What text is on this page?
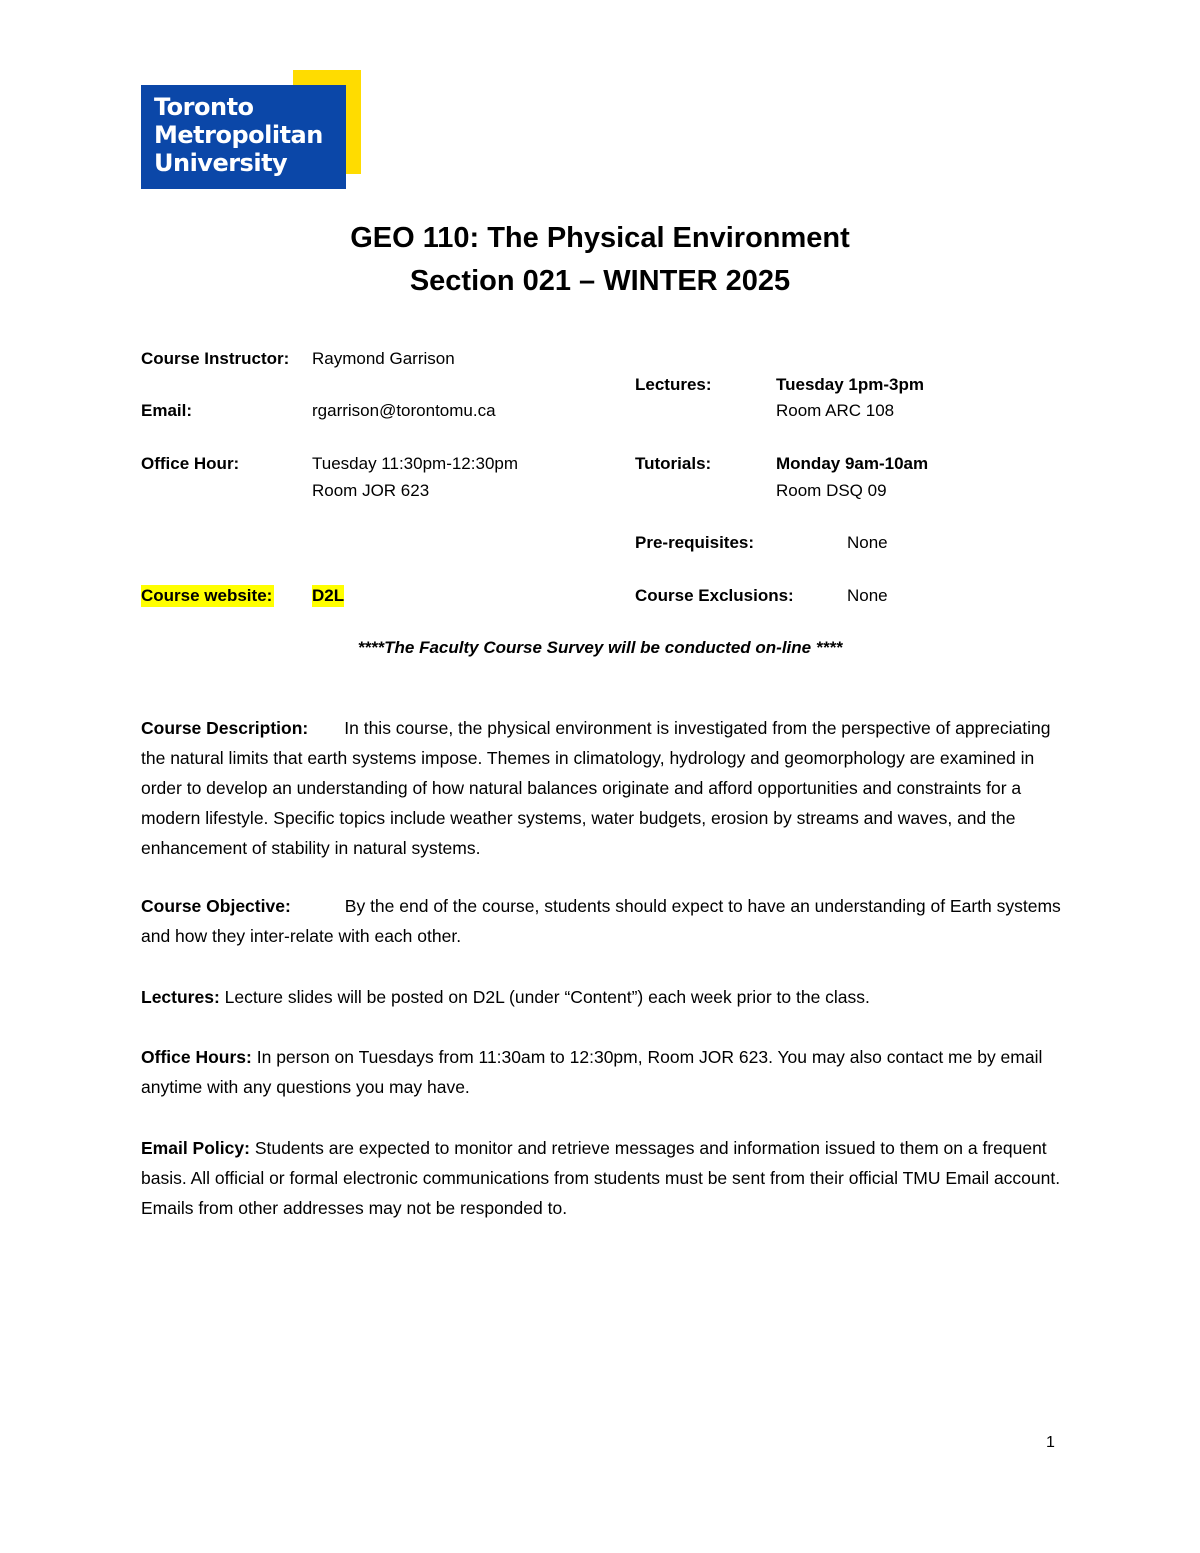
Toronto
Metropolitan
University
GEO 110: The Physical Environment
Section 021 – WINTER 2025
Course Instructor: Raymond Garrison
Email:	rgarrison@torontomu.ca
Office Hour:	Tuesday 11:30pm-12:30pm
Room JOR 623
Course website: D2L
Lectures:	Tuesday 1pm-3pm
Room ARC 108
Tutorials:	Monday 9am-10am
Room DSQ 09
Pre-requisites:	None
Course Exclusions:	None
****The Faculty Course Survey will be conducted on-line ****
Course Description: In this course, the physical environment is investigated from the perspective of appreciating the natural limits that earth systems impose. Themes in climatology, hydrology and geomorphology are examined in order to develop an understanding of how natural balances originate and afford opportunities and constraints for a modern lifestyle. Specific topics include weather systems, water budgets, erosion by streams and waves, and the enhancement of stability in natural systems.
Course Objective:	By the end of the course, students should expect to have an understanding of Earth systems and how they inter-relate with each other.
Lectures: Lecture slides will be posted on D2L (under “Content”) each week prior to the class.
Office Hours: In person on Tuesdays from 11:30am to 12:30pm, Room JOR 623. You may also contact me by email anytime with any questions you may have.
Email Policy: Students are expected to monitor and retrieve messages and information issued to them on a frequent basis. All official or formal electronic communications from students must be sent from their official TMU Email account. Emails from other addresses may not be responded to.
1
